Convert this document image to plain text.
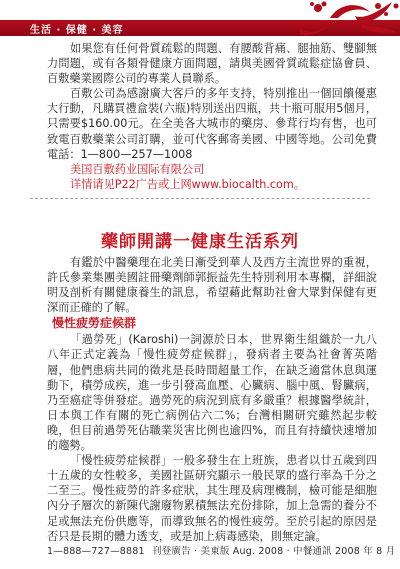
生活 · 保健 · 美容

如果您有任何骨質疏鬆的問題、有腰酸背痛、腿抽筋、雙腳無力問題，或有各類骨健康方面問題，請與美國骨質疏鬆症協會員、百敷藥業國際公司的專業人員聯系。

百敷公司為感謝廣大客戶的多年支持，特別推出一個回饋優惠大行動，凡購買禮盒裝(六瓶)特別送出四瓶，共十瓶可服用5個月，只需要$160.00元。在全美各大城市的藥房、參茸行均有售，也可致電百敷藥業公司訂購，並可代客郵寄美國、中國等地。公司免費電話：1—800—257—1008

美国百敷药业国际有限公司

详情请见P22广告或上网www.biocalth.com。

藥師開講一健康生活系列

有鑑於中醫藥理在北美日漸受到華人及西方主流世界的重視，許氏參業集團美國註冊藥劑師郭振益先生特別利用本專欄，詳細說明及剖析有關健康養生的訊息，希望藉此幫助社會大眾對保健有更深而正確的了解。

慢性疲勞症候群

「過勞死」(Karoshi)一詞源於日本，世界衛生組織於一九八八年正式定義為「慢性疲勞症候群」，發病者主要為社會菁英階層，他們患病共同的徵兆是長時間超量工作，在缺乏適當休息與運動下，積勞成疾，進一步引發高血壓、心臟病、腦中風、腎臟病，乃至癌症等併發症。過勞死的病況到底有多嚴重？根據醫學統計，日本與工作有關的死亡病例佔六二%；台灣相關研究雖然起步較晚，但目前過勞死佔職業災害比例也逾四%，而且有持續快速增加的趨勢。

「慢性疲勞症候群」一般多發生在上班族，患者以廿五歲到四十五歲的女性較多，美國社區研究顯示一般民眾的盛行率為千分之二至三。慢性疲勞的許多症狀，其生理及病理機制，檢可能是細胞內分子層次的新陳代謝廢物累積無法充份排除，加上急需的養分不足或無法充份供應等，而導致無名的慢性疲勞。至於引起的原因是否只是長期的體力透支，或是加上病毒感染，則無定論。

1—888—727—8881 刊登廣告 · 美東版 Aug. 2008 · 中餐通訊 2008 年 8 月
